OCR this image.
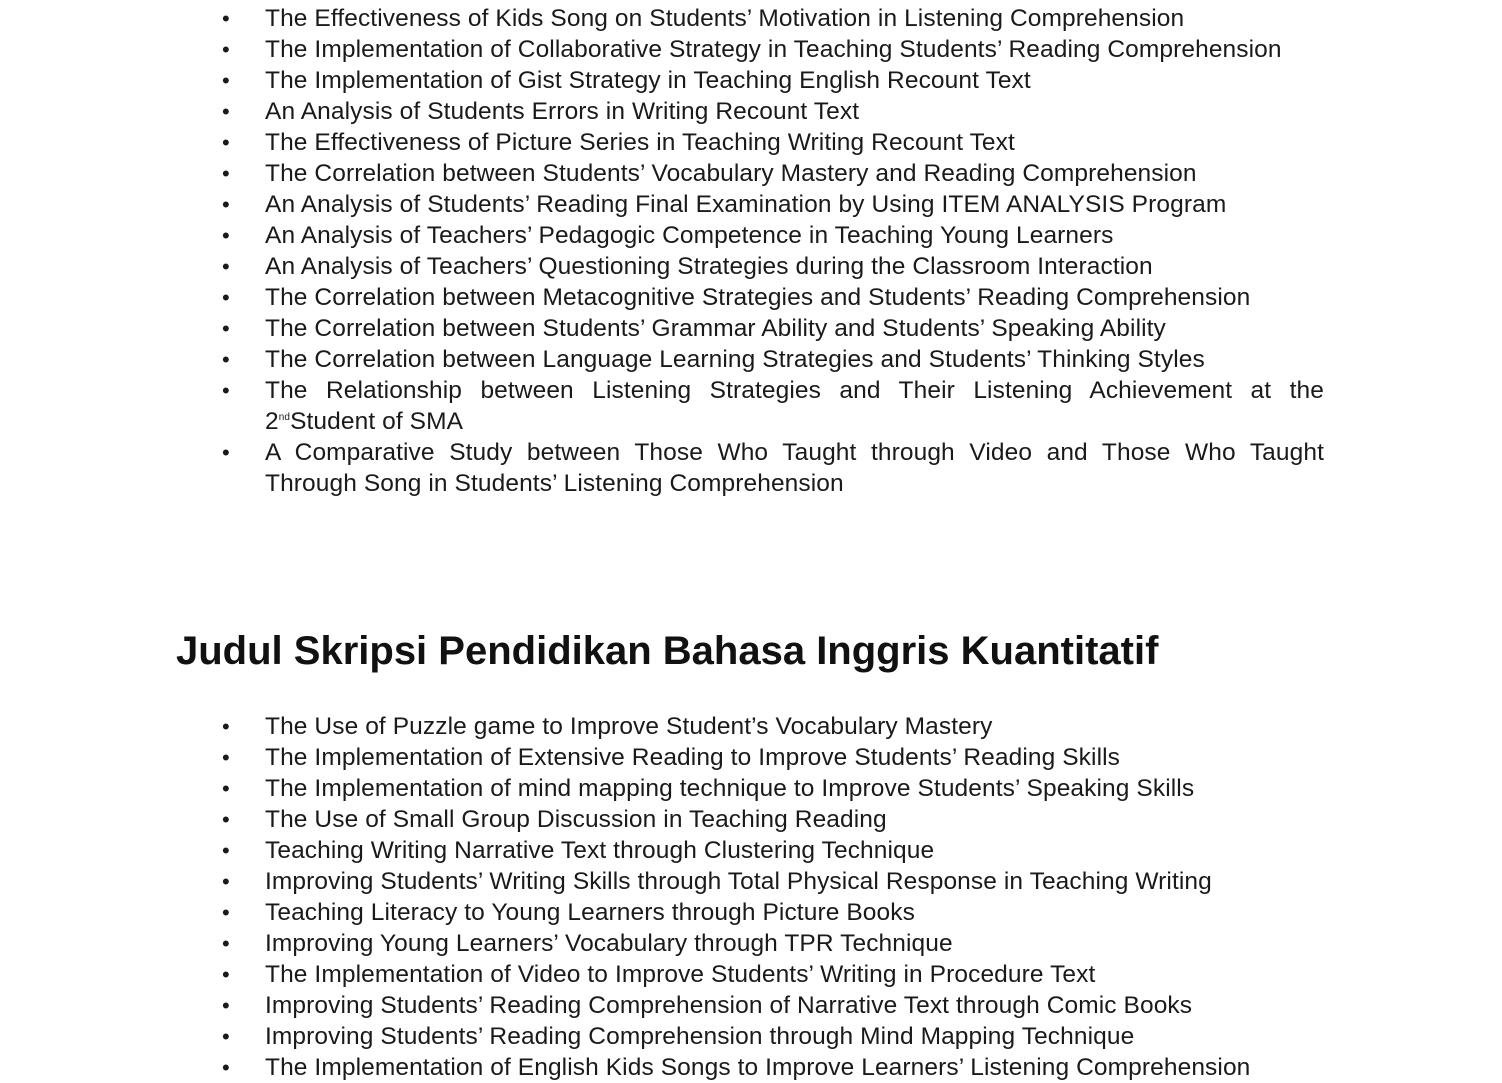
•	The Effectiveness of Kids Song on Students’ Motivation in Listening Comprehension
•	The Implementation of Collaborative Strategy in Teaching Students’ Reading Comprehension
•	The Implementation of Gist Strategy in Teaching English Recount Text
•	An Analysis of Students Errors in Writing Recount Text
•	The Effectiveness of Picture Series in Teaching Writing Recount Text
•	The Correlation between Students’ Vocabulary Mastery and Reading Comprehension
•	An Analysis of Students’ Reading Final Examination by Using ITEM ANALYSIS Program
•	An Analysis of Teachers’ Pedagogic Competence in Teaching Young Learners
•	An Analysis of Teachers’ Questioning Strategies during the Classroom Interaction
•	The Correlation between Metacognitive Strategies and Students’ Reading Comprehension
•	The Correlation between Students’ Grammar Ability and Students’ Speaking Ability
•	The Correlation between Language Learning Strategies and Students’ Thinking Styles
•	The Relationship between Listening Strategies and Their Listening Achievement at the 2ndStudent of SMA
•	A Comparative Study between Those Who Taught through Video and Those Who Taught Through Song in Students’ Listening Comprehension
Judul Skripsi Pendidikan Bahasa Inggris Kuantitatif
•	The Use of Puzzle game to Improve Student’s Vocabulary Mastery
•	The Implementation of Extensive Reading to Improve Students’ Reading Skills
•	The Implementation of mind mapping technique to Improve Students’ Speaking Skills
•	The Use of Small Group Discussion in Teaching Reading
•	Teaching Writing Narrative Text through Clustering Technique
•	Improving Students’ Writing Skills through Total Physical Response in Teaching Writing
•	Teaching Literacy to Young Learners through Picture Books
•	Improving Young Learners’ Vocabulary through TPR Technique
•	The Implementation of Video to Improve Students’ Writing in Procedure Text
•	Improving Students’ Reading Comprehension of Narrative Text through Comic Books
•	Improving Students’ Reading Comprehension through Mind Mapping Technique
•	The Implementation of English Kids Songs to Improve Learners’ Listening Comprehension
